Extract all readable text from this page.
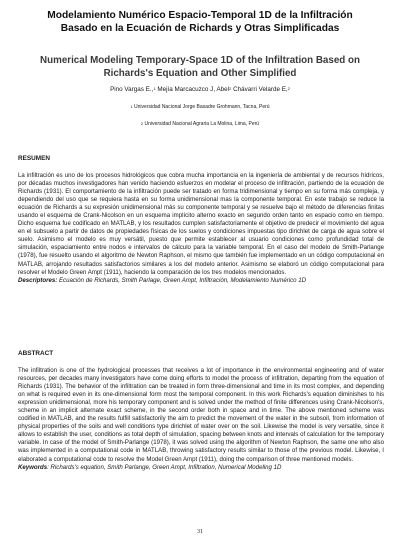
Modelamiento Numérico Espacio-Temporal 1D de la Infiltración
Basado en la Ecuación de Richards y Otras Simplificadas
Numerical Modeling Temporary-Space 1D of the Infiltration Based on
Richards's Equation and Other Simplified
Pino Vargas E.,$^1$ Mejía Marcacuzco J, Abel$^2$ Chávarri Velarde E,$^2$
$^1$ Universidad Nacional Jorge Basadre Grohmann, Tacna, Perú
$^2$ Universidad Nacional Agraria La Molina, Lima, Perú
RESUMEN

La infiltración es uno de los procesos hidrológicos que cobra mucha importancia en la ingeniería de ambiental y de recursos hídricos, por décadas muchos investigadores han venido haciendo esfuerzos en modelar el proceso de infiltración, partiendo de la ecuación de Richards (1931). El comportamiento de la infiltración puede ser tratado en forma tridimensional y tiempo en su forma más compleja, y dependiendo del uso que se requiera hasta en su forma unidimensional mas la componente temporal. En este trabajo se reduce la ecuación de Richards a su expresión unidimensional más su componente temporal y se resuelve bajo el método de diferencias finitas usando el esquema de Crank-Nicolson en un esquema implícito alterno exacto en segundo orden tanto en espacio como en tiempo. Dicho esquema fue codificado en MATLAB, y los resultados cumplen satisfactoriamente el objetivo de predecir el movimiento del agua en el subsuelo a partir de datos de propiedades físicas de los suelos y condiciones impuestas tipo dirichlet de carga de agua sobre el suelo. Asimismo el modelo es muy versátil, puesto que permite establecer al usuario condiciones como profundidad total de simulación, espaciamiento entre nodos e intervalos de cálculo para la variable temporal. En el caso del modelo de Smith-Parlange (1978), fue resuelto usando el algoritmo de Newton Raphson, el mismo que también fue implementado en un código computacional en MATLAB, arrojando resultados satisfactorios similares a los del modelo anterior. Asimismo se elaboró un código computacional para resolver el Modelo Green Ampt (1911), haciendo la comparación de los tres modelos mencionados.
Descriptores: Ecuación de Richards, Smith Parlage, Green Ampt, Infiltración, Modelamiento Numérico 1D

ABSTRACT

The infiltration is one of the hydrological processes that receives a lot of importance in the environmental engineering and of water resources, per decades many investigators have come doing efforts to model the process of infiltration, departing from the equation of Richards (1931). The behavior of the infiltration can be treated in form three-dimensional and time in its most complex, and depending on what is required even in its one-dimensional form most the temporal component. In this work Richards's equation diminishes to his expression unidimensional, more his temporary component and is solved under the method of finite differences using Crank-Nicolson's, scheme in an implicit alternate exact scheme, in the second order both in space and in time. The above mentioned scheme was codified in MATLAB, and the results fulfill satisfactorily the aim to predict the movement of the water in the subsoil, from information of physical properties of the soils and well conditions type dirichlet of water over on the soil. Likewise the model is very versatile, since it allows to establish the user, conditions as total depth of simulation, spacing between knots and intervals of calculation for the temporary variable. In case of the model of Smith-Parlange (1978), it was solved using the algorithm of Newton Raphson, the same one who also was implemented in a computational code in MATLAB, throwing satisfactory results similar to those of the previous model. Likewise, I elaborated a computational code to resolve the Model Green Ampt (1911), doing the comparison of three mentioned models.
Keywords: Richards's equation, Smith Parlange, Green Ampt, Infiltration, Numerical Modeling 1D

31
